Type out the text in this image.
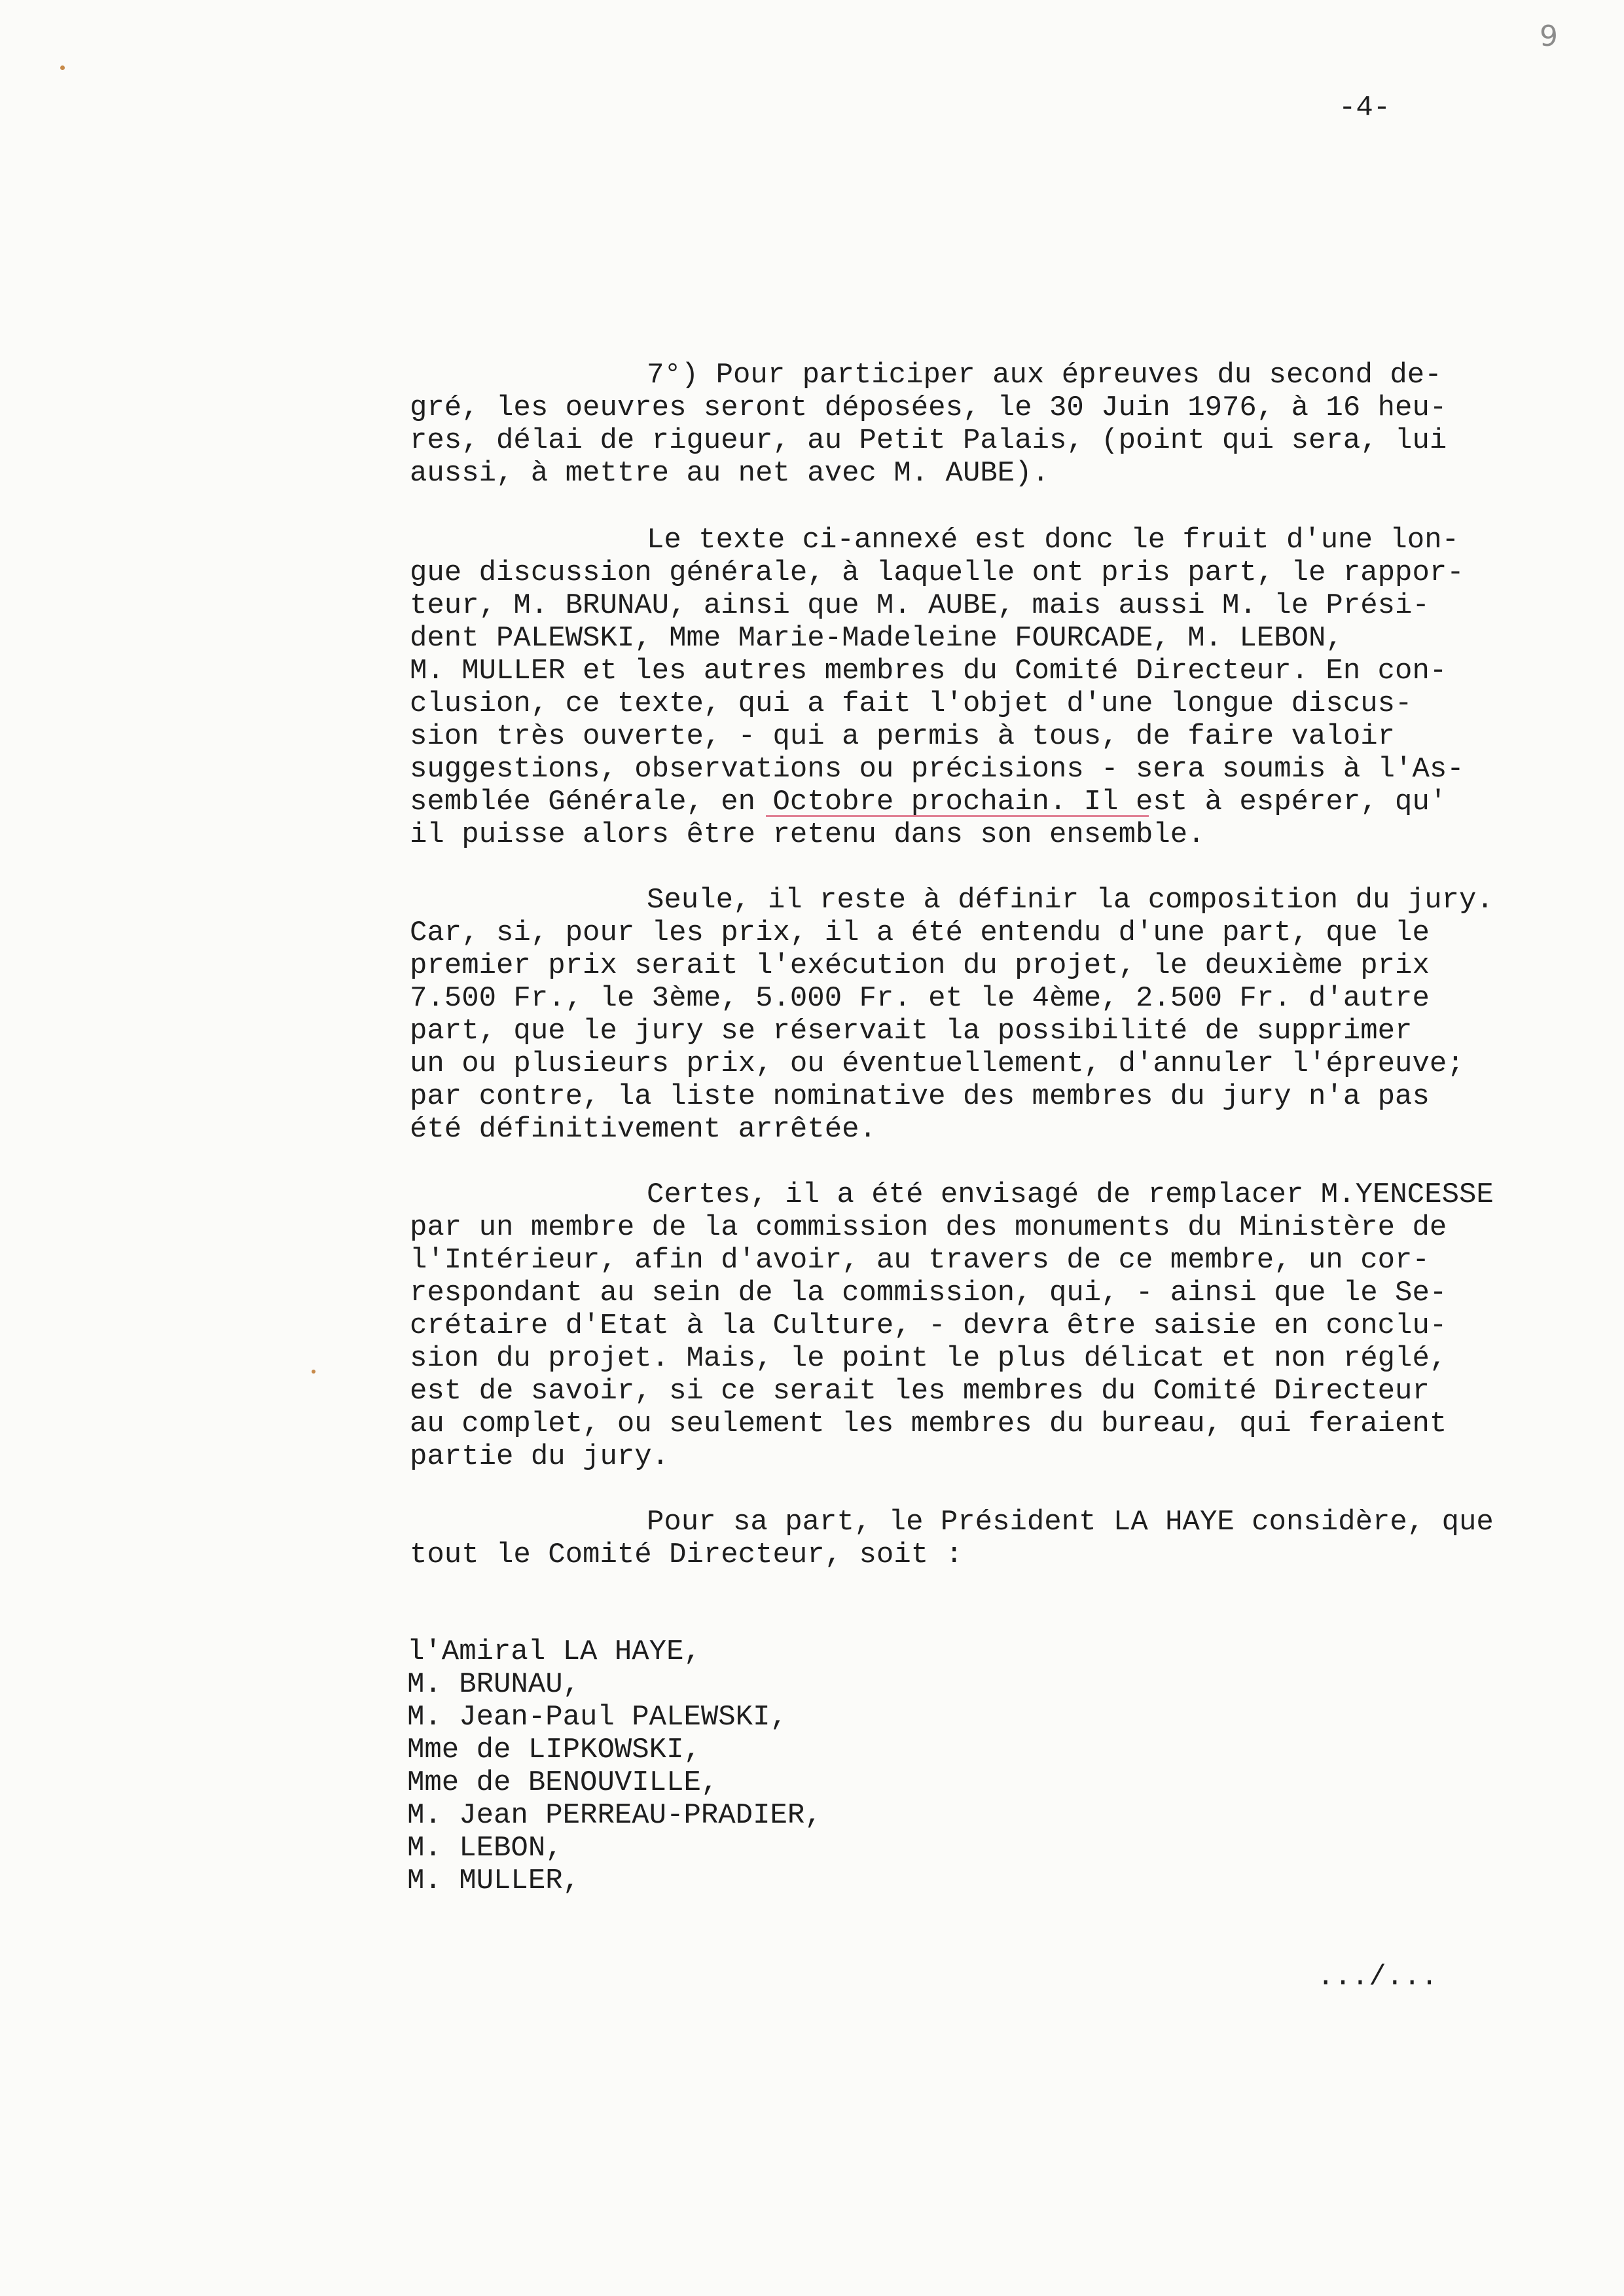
9
-4-

7°) Pour participer aux épreuves du second de-

gré, les oeuvres seront déposées, le 30 Juin 1976, à 16 heu-

res, délai de rigueur, au Petit Palais, (point qui sera, lui

aussi, à mettre au net avec M. AUBE).

Le texte ci-annexé est donc le fruit d'une lon-

gue discussion générale, à laquelle ont pris part, le rappor-

teur, M. BRUNAU, ainsi que M. AUBE, mais aussi M. le Prési-

dent PALEWSKI, Mme Marie-Madeleine FOURCADE, M. LEBON,

M. MULLER et les autres membres du Comité Directeur. En con-

clusion, ce texte, qui a fait l'objet d'une longue discus-

sion très ouverte, - qui a permis à tous, de faire valoir

suggestions, observations ou précisions - sera soumis à l'As-

semblée Générale, en Octobre prochain. Il est à espérer, qu'

il puisse alors être retenu dans son ensemble.

Seule, il reste à définir la composition du jury.

Car, si, pour les prix, il a été entendu d'une part, que le

premier prix serait l'exécution du projet, le deuxième prix

7.500 Fr., le 3ème, 5.000 Fr. et le 4ème, 2.500 Fr. d'autre

part, que le jury se réservait la possibilité de supprimer

un ou plusieurs prix, ou éventuellement, d'annuler l'épreuve;

par contre, la liste nominative des membres du jury n'a pas

été définitivement arrêtée.

Certes, il a été envisagé de remplacer M.YENCESSE

par un membre de la commission des monuments du Ministère de

l'Intérieur, afin d'avoir, au travers de ce membre, un cor-

respondant au sein de la commission, qui, - ainsi que le Se-

crétaire d'Etat à la Culture, - devra être saisie en conclu-

sion du projet. Mais, le point le plus délicat et non réglé,

est de savoir, si ce serait les membres du Comité Directeur

au complet, ou seulement les membres du bureau, qui feraient

partie du jury.

Pour sa part, le Président LA HAYE considère, que

tout le Comité Directeur, soit :

l'Amiral LA HAYE,

M. BRUNAU,

M. Jean-Paul PALEWSKI,

Mme de LIPKOWSKI,

Mme de BENOUVILLE,

M. Jean PERREAU-PRADIER,

M. LEBON,

M. MULLER,

.../...
